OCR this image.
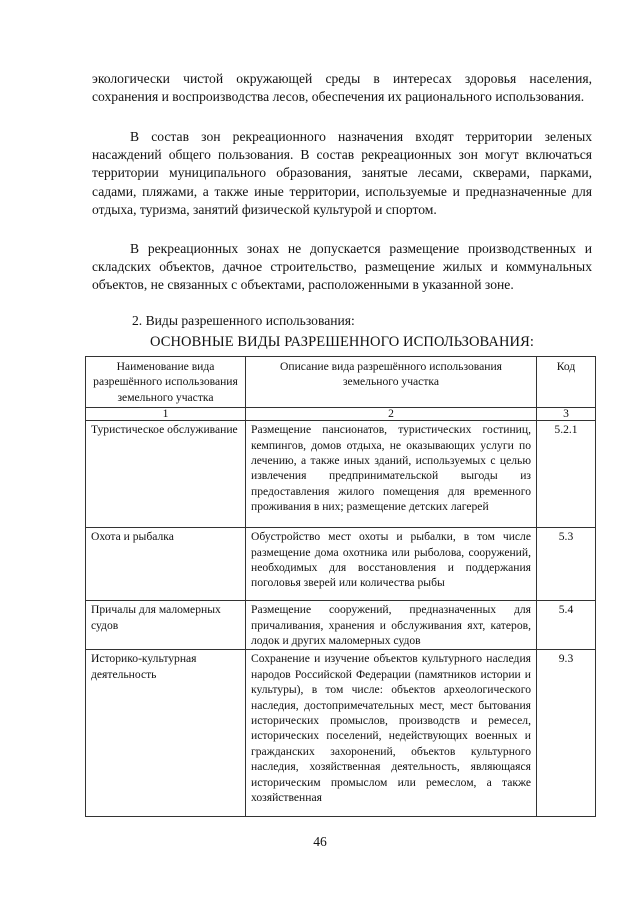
экологически чистой окружающей среды в интересах здоровья населения, сохранения и воспроизводства лесов, обеспечения их рационального использования.

В состав зон рекреационного назначения входят территории зеленых насаждений общего пользования. В состав рекреационных зон могут включаться территории муниципального образования, занятые лесами, скверами, парками, садами, пляжами, а также иные территории, используемые и предназначенные для отдыха, туризма, занятий физической культурой и спортом.

В рекреационных зонах не допускается размещение производственных и складских объектов, дачное строительство, размещение жилых и коммунальных объектов, не связанных с объектами, расположенными в указанной зоне.

2. Виды разрешенного использования:

ОСНОВНЫЕ ВИДЫ РАЗРЕШЕННОГО ИСПОЛЬЗОВАНИЯ:

Наименование вида разрешённого использования земельного участка	Описание вида разрешённого использования земельного участка	Код
1	2	3
Туристическое обслуживание	Размещение пансионатов, туристических гостиниц, кемпингов, домов отдыха, не оказывающих услуги по лечению, а также иных зданий, используемых с целью извлечения предпринимательской выгоды из предоставления жилого помещения для временного проживания в них; размещение детских лагерей	5.2.1
Охота и рыбалка	Обустройство мест охоты и рыбалки, в том числе размещение дома охотника или рыболова, сооружений, необходимых для восстановления и поддержания поголовья зверей или количества рыбы	5.3
Причалы для маломерных судов	Размещение сооружений, предназначенных для причаливания, хранения и обслуживания яхт, катеров, лодок и других маломерных судов	5.4
Историко-культурная деятельность	Сохранение и изучение объектов культурного наследия народов Российской Федерации (памятников истории и культуры), в том числе: объектов археологического наследия, достопримечательных мест, мест бытования исторических промыслов, производств и ремесел, исторических поселений, недействующих военных и гражданских захоронений, объектов культурного наследия, хозяйственная деятельность, являющаяся историческим промыслом или ремеслом, а также хозяйственная	9.3

46
